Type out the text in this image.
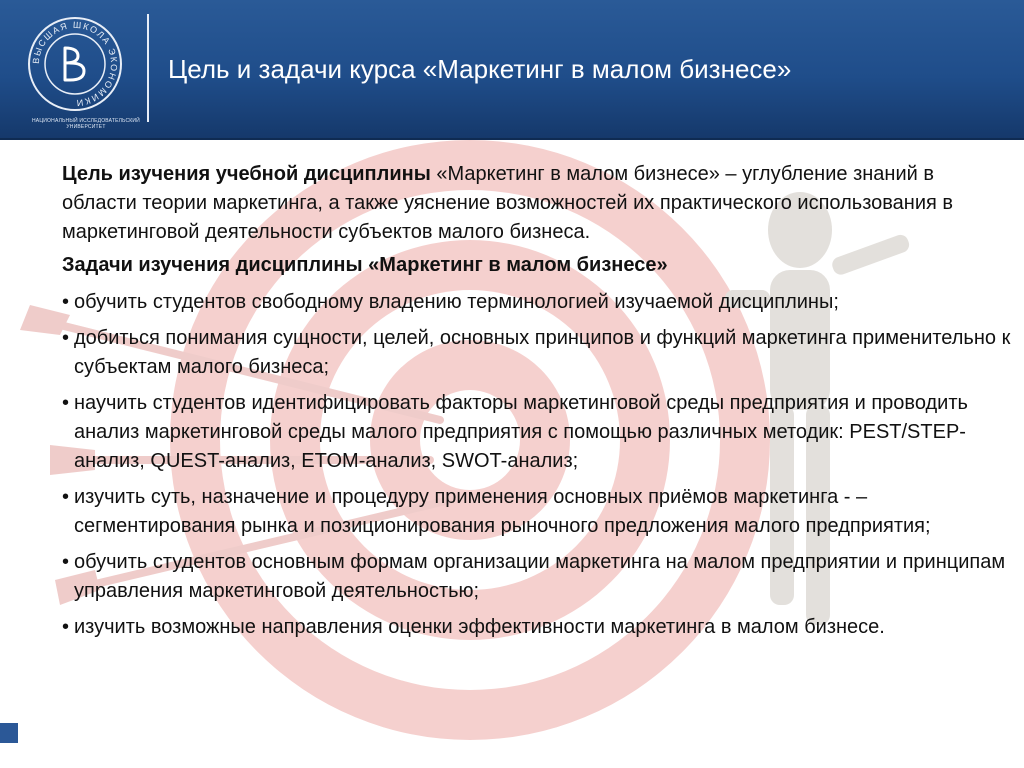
ВЫСШАЯ ШКОЛА ЭКОНОМИКИ
НАЦИОНАЛЬНЫЙ ИССЛЕДОВАТЕЛЬСКИЙ
УНИВЕРСИТЕТ
Цель и задачи курса «Маркетинг в малом бизнесе»

Цель изучения учебной дисциплины «Маркетинг в малом бизнесе» – углубление знаний в области теории маркетинга, а также уяснение возможностей их практического использования в маркетинговой деятельности субъектов малого бизнеса.

Задачи изучения дисциплины «Маркетинг в малом бизнесе»

• обучить студентов свободному владению терминологией изучаемой дисциплины;

• добиться понимания сущности, целей, основных принципов и функций маркетинга применительно к субъектам малого бизнеса;

• научить студентов идентифицировать факторы маркетинговой среды предприятия и проводить анализ маркетинговой среды малого предприятия с помощью различных методик: PEST/STEP-анализ, QUEST-анализ, ETOM-анализ, SWOT-анализ;

• изучить суть, назначение и процедуру применения основных приёмов маркетинга - – сегментирования рынка и позиционирования рыночного предложения малого предприятия;

• обучить студентов основным формам организации маркетинга на малом предприятии и принципам управления маркетинговой деятельностью;

• изучить возможные направления оценки эффективности маркетинга в малом бизнесе.
